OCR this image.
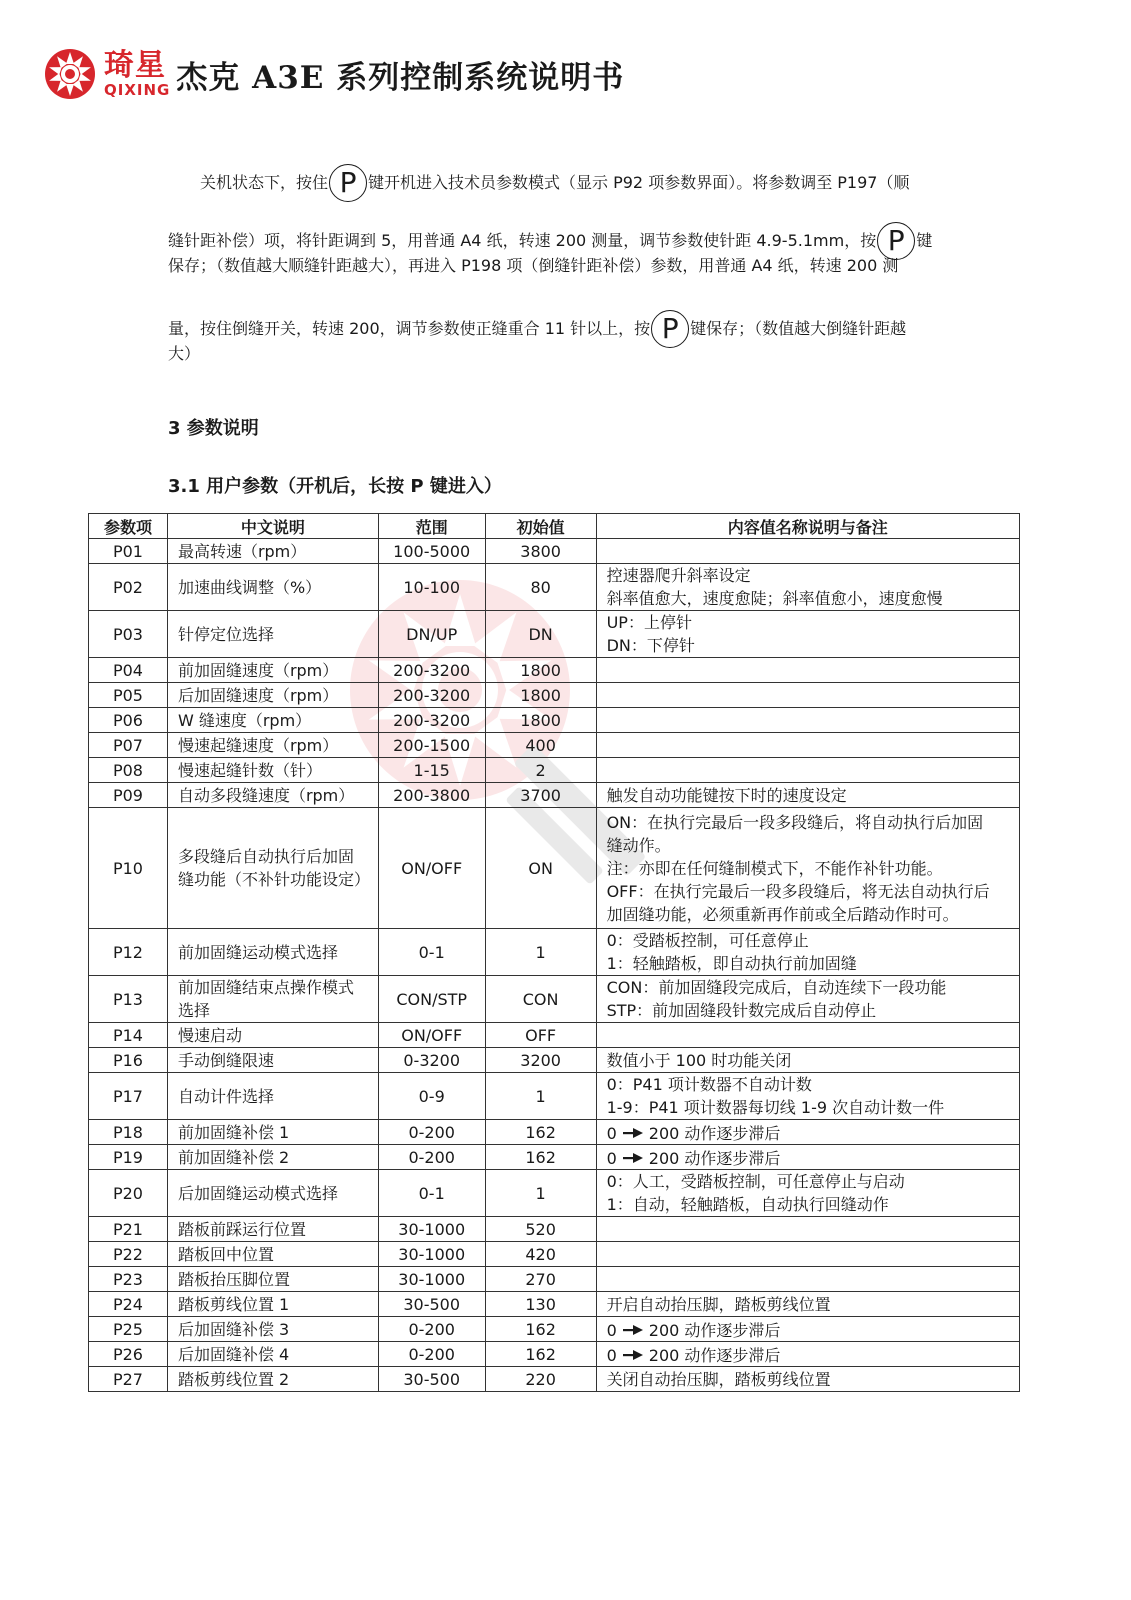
琦星
QIXING 杰克 A3E 系列控制系统说明书
关机状态下，按住 P 键开机进入技术员参数模式（显示 P92 项参数界面）。将参数调至 P197（顺
缝针距补偿）项，将针距调到 5，用普通 A4 纸，转速 200 测量，调节参数使针距 4.9-5.1mm，按 P 键
保存；（数值越大顺缝针距越大），再进入 P198 项（倒缝针距补偿）参数，用普通 A4 纸，转速 200 测
量，按住倒缝开关，转速 200，调节参数使正缝重合 11 针以上，按 P 键保存；（数值越大倒缝针距越
大）
3 参数说明
3.1 用户参数（开机后，长按 P 键进入）
参数项	中文说明	范围	初始值	内容值名称说明与备注
P01	最高转速（rpm）	100-5000	3800	
P02	加速曲线调整（%）	10-100	80	控速器爬升斜率设定
斜率值愈大，速度愈陡；斜率值愈小，速度愈慢
P03	针停定位选择	DN/UP	DN	UP：上停针
DN：下停针
P04	前加固缝速度（rpm）	200-3200	1800	
P05	后加固缝速度（rpm）	200-3200	1800	
P06	W 缝速度（rpm）	200-3200	1800	
P07	慢速起缝速度（rpm）	200-1500	400	
P08	慢速起缝针数（针）	1-15	2	
P09	自动多段缝速度（rpm）	200-3800	3700	触发自动功能键按下时的速度设定
P10	多段缝后自动执行后加固
缝功能（不补针功能设定）	ON/OFF	ON	ON：在执行完最后一段多段缝后，将自动执行后加固
缝动作。
注：亦即在任何缝制模式下，不能作补针功能。
OFF：在执行完最后一段多段缝后，将无法自动执行后
加固缝功能，必须重新再作前或全后踏动作时可。
P12	前加固缝运动模式选择	0-1	1	0：受踏板控制，可任意停止
1：轻触踏板，即自动执行前加固缝
P13	前加固缝结束点操作模式
选择	CON/STP	CON	CON：前加固缝段完成后，自动连续下一段功能
STP：前加固缝段针数完成后自动停止
P14	慢速启动	ON/OFF	OFF	
P16	手动倒缝限速	0-3200	3200	数值小于 100 时功能关闭
P17	自动计件选择	0-9	1	0：P41 项计数器不自动计数
1-9：P41 项计数器每切线 1-9 次自动计数一件
P18	前加固缝补偿 1	0-200	162	0 200 动作逐步滞后
P19	前加固缝补偿 2	0-200	162	0 200 动作逐步滞后
P20	后加固缝运动模式选择	0-1	1	0：人工，受踏板控制，可任意停止与启动
1：自动，轻触踏板，自动执行回缝动作
P21	踏板前踩运行位置	30-1000	520	
P22	踏板回中位置	30-1000	420	
P23	踏板抬压脚位置	30-1000	270	
P24	踏板剪线位置 1	30-500	130	开启自动抬压脚，踏板剪线位置
P25	后加固缝补偿 3	0-200	162	0 200 动作逐步滞后
P26	后加固缝补偿 4	0-200	162	0 200 动作逐步滞后
P27	踏板剪线位置 2	30-500	220	关闭自动抬压脚，踏板剪线位置
